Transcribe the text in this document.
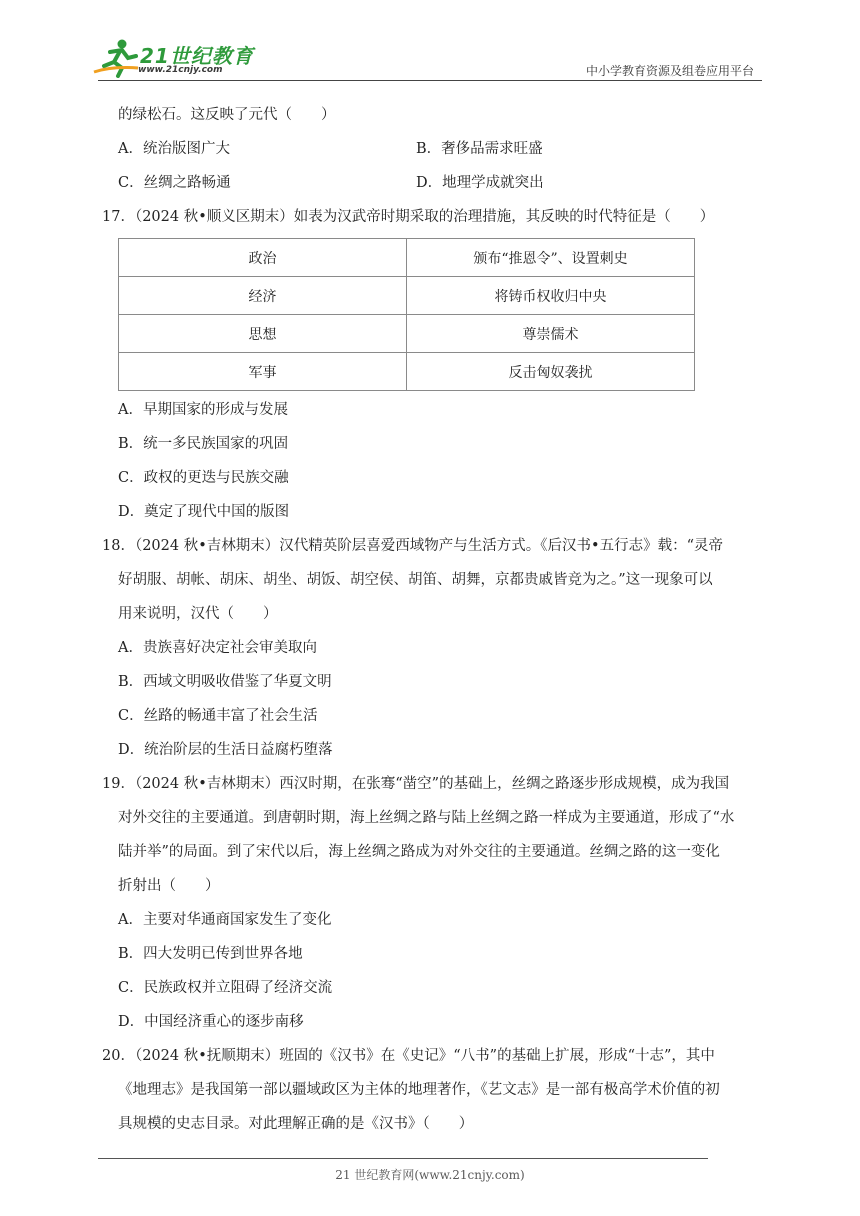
21世纪教育
www.21cnjy.com	中小学教育资源及组卷应用平台
的绿松石。这反映了元代（　　）
A．统治版图广大	B．奢侈品需求旺盛
C．丝绸之路畅通	D．地理学成就突出
17．（2024 秋•顺义区期末）如表为汉武帝时期采取的治理措施，其反映的时代特征是（　　）
政治	颁布“推恩令”、设置刺史
经济	将铸币权收归中央
思想	尊崇儒术
军事	反击匈奴袭扰
A．早期国家的形成与发展
B．统一多民族国家的巩固
C．政权的更迭与民族交融
D．奠定了现代中国的版图
18．（2024 秋•吉林期末）汉代精英阶层喜爱西域物产与生活方式。《后汉书•五行志》载：“灵帝
好胡服、胡帐、胡床、胡坐、胡饭、胡空侯、胡笛、胡舞，京都贵戚皆竞为之。”这一现象可以
用来说明，汉代（　　）
A．贵族喜好决定社会审美取向
B．西域文明吸收借鉴了华夏文明
C．丝路的畅通丰富了社会生活
D．统治阶层的生活日益腐朽堕落
19．（2024 秋•吉林期末）西汉时期，在张骞“凿空”的基础上，丝绸之路逐步形成规模，成为我国
对外交往的主要通道。到唐朝时期，海上丝绸之路与陆上丝绸之路一样成为主要通道，形成了“水
陆并举”的局面。到了宋代以后，海上丝绸之路成为对外交往的主要通道。丝绸之路的这一变化
折射出（　　）
A．主要对华通商国家发生了变化
B．四大发明已传到世界各地
C．民族政权并立阻碍了经济交流
D．中国经济重心的逐步南移
20．（2024 秋•抚顺期末）班固的《汉书》在《史记》“八书”的基础上扩展，形成“十志”，其中
《地理志》是我国第一部以疆域政区为主体的地理著作，《艺文志》是一部有极高学术价值的初
具规模的史志目录。对此理解正确的是《汉书》（　　）
21 世纪教育网(www.21cnjy.com)
